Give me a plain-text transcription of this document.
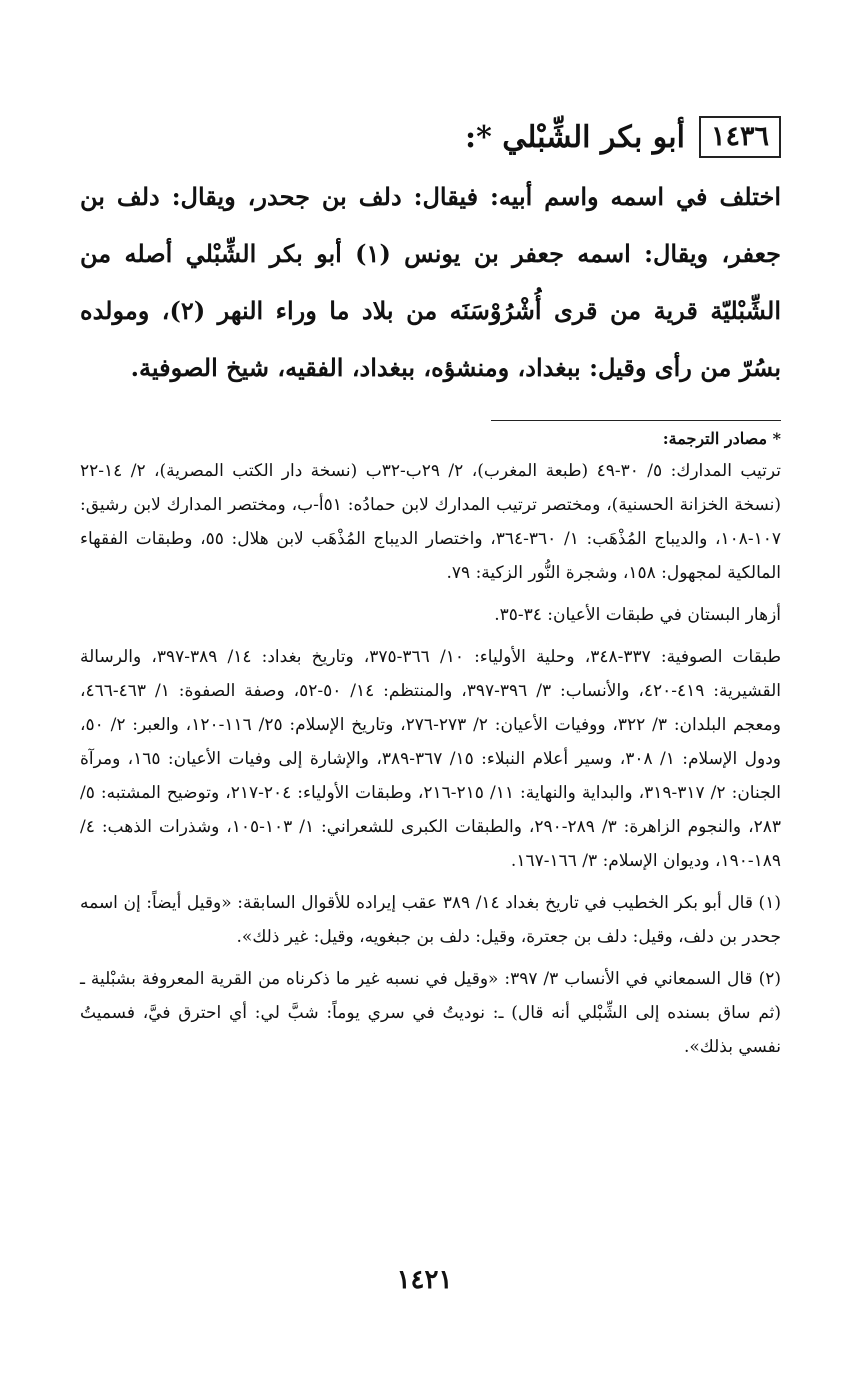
١٤٣٦
أبو بكر الشِّبْلي *:

اختلف في اسمه واسم أبيه: فيقال: دلف بن جحدر، ويقال: دلف بن جعفر، ويقال: اسمه جعفر بن يونس (١) أبو بكر الشِّبْلي أصله من الشِّبْليّة قرية من قرى أُشْرُوْسَنَه من بلاد ما وراء النهر (٢)، ومولده بسُرّ من رأى وقيل: ببغداد، ومنشؤه، ببغداد، الفقيه، شيخ الصوفية.

* مصادر الترجمة:

ترتيب المدارك: ٥/ ٣٠-٤٩ (طبعة المغرب)، ٢/ ٢٩ب-٣٢ب (نسخة دار الكتب المصرية)، ٢/ ١٤-٢٢ (نسخة الخزانة الحسنية)، ومختصر ترتيب المدارك لابن حمادُه: ٥١أ-ب، ومختصر المدارك لابن رشيق: ١٠٧-١٠٨، والديباج المُذْهَب: ١/ ٣٦٠-٣٦٤، واختصار الديباج المُذْهَب لابن هلال: ٥٥، وطبقات الفقهاء المالكية لمجهول: ١٥٨، وشجرة النُّور الزكية: ٧٩.

أزهار البستان في طبقات الأعيان: ٣٤-٣٥.

طبقات الصوفية: ٣٣٧-٣٤٨، وحلية الأولياء: ١٠/ ٣٦٦-٣٧٥، وتاريخ بغداد: ١٤/ ٣٨٩-٣٩٧، والرسالة القشيرية: ٤١٩-٤٢٠، والأنساب: ٣/ ٣٩٦-٣٩٧، والمنتظم: ١٤/ ٥٠-٥٢، وصفة الصفوة: ١/ ٤٦٣-٤٦٦، ومعجم البلدان: ٣/ ٣٢٢، ووفيات الأعيان: ٢/ ٢٧٣-٢٧٦، وتاريخ الإسلام: ٢٥/ ١١٦-١٢٠، والعبر: ٢/ ٥٠، ودول الإسلام: ١/ ٣٠٨، وسير أعلام النبلاء: ١٥/ ٣٦٧-٣٨٩، والإشارة إلى وفيات الأعيان: ١٦٥، ومرآة الجنان: ٢/ ٣١٧-٣١٩، والبداية والنهاية: ١١/ ٢١٥-٢١٦، وطبقات الأولياء: ٢٠٤-٢١٧، وتوضيح المشتبه: ٥/ ٢٨٣، والنجوم الزاهرة: ٣/ ٢٨٩-٢٩٠، والطبقات الكبرى للشعراني: ١/ ١٠٣-١٠٥، وشذرات الذهب: ٤/ ١٨٩-١٩٠، وديوان الإسلام: ٣/ ١٦٦-١٦٧.

(١) قال أبو بكر الخطيب في تاريخ بغداد ١٤/ ٣٨٩ عقب إيراده للأقوال السابقة: «وقيل أيضاً: إن اسمه جحدر بن دلف، وقيل: دلف بن جعترة، وقيل: دلف بن جبغويه، وقيل: غير ذلك».

(٢) قال السمعاني في الأنساب ٣/ ٣٩٧: «وقيل في نسبه غير ما ذكرناه من القرية المعروفة بشبْلية ـ (ثم ساق بسنده إلى الشِّبْلي أنه قال) ـ: نوديتُ في سري يوماً: شبَّ لي: أي احترق فيَّ، فسميتُ نفسي بذلك».

١٤٢١
